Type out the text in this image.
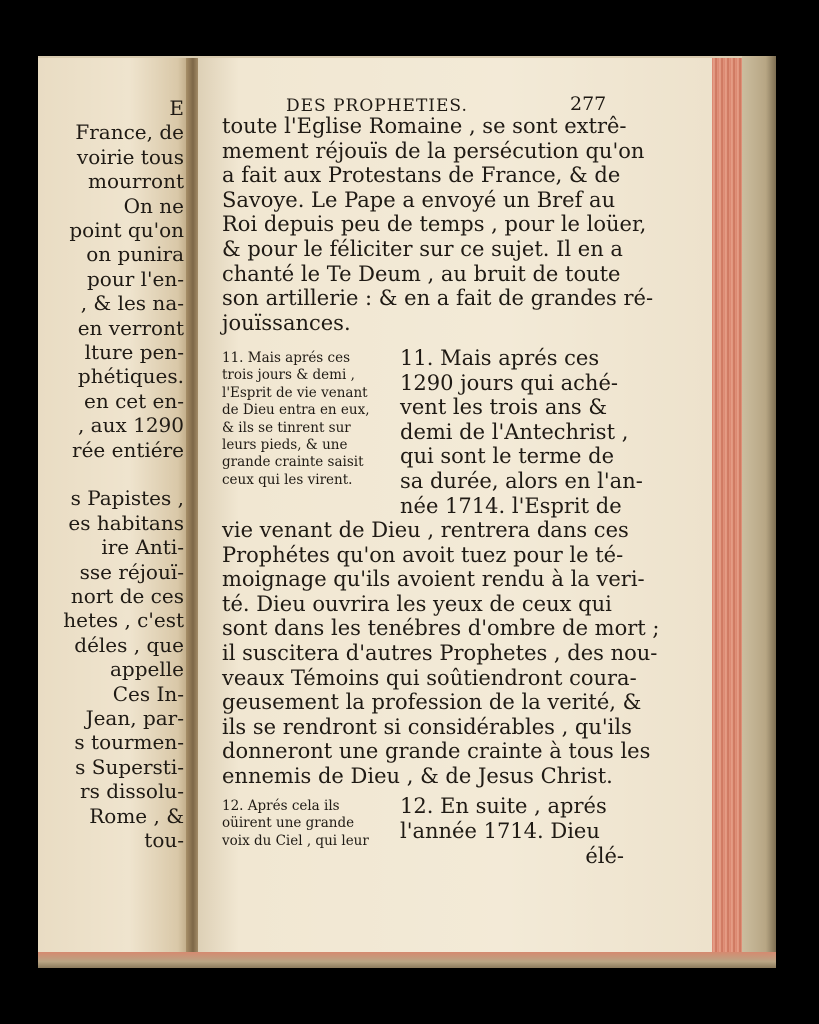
E
France, de
voirie tous
mourront
On ne
point qu'on
on punira
pour l'en-
, & les na-
en verront
lture pen-
phétiques.
en cet en-
, aux 1290
rée entiére
s Papistes ,
es habitans
ire Anti-
sse réjouï-
nort de ces
hetes , c'est
déles , que
appelle
Ces In-
Jean, par-
s tourmen-
s Supersti-
rs dissolu-
Rome , &
tou-
DES PROPHETIES.	277
toute l'Eglise Romaine , se sont extrê-
mement réjouïs de la persécution qu'on
a fait aux Protestans de France, & de
Savoye. Le Pape a envoyé un Bref au
Roi depuis peu de temps , pour le loüer,
& pour le féliciter sur ce sujet. Il en a
chanté le Te Deum , au bruit de toute
son artillerie : & en a fait de grandes ré-
jouïssances.
11. Mais aprés ces
trois jours & demi ,
l'Esprit de vie venant
de Dieu entra en eux,
& ils se tinrent sur
leurs pieds, & une
grande crainte saisit
ceux qui les virent.
11. Mais aprés ces
1290 jours qui aché-
vent les trois ans &
demi de l'Antechrist ,
qui sont le terme de
sa durée, alors en l'an-
née 1714. l'Esprit de
vie venant de Dieu , rentrera dans ces
Prophétes qu'on avoit tuez pour le té-
moignage qu'ils avoient rendu à la veri-
té. Dieu ouvrira les yeux de ceux qui
sont dans les tenébres d'ombre de mort ;
il suscitera d'autres Prophetes , des nou-
veaux Témoins qui soûtiendront coura-
geusement la profession de la verité, &
ils se rendront si considérables , qu'ils
donneront une grande crainte à tous les
ennemis de Dieu , & de Jesus Christ.
12. Aprés cela ils
oüirent une grande
voix du Ciel , qui leur
12. En suite , aprés
l'année 1714. Dieu
élé-
